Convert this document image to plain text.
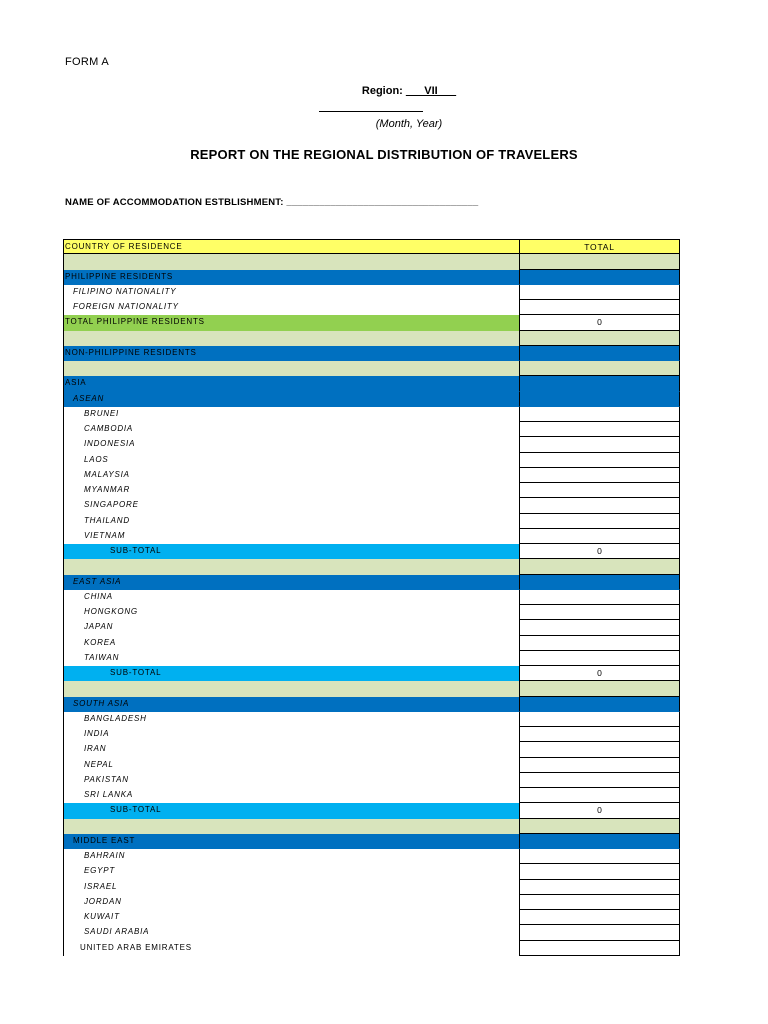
FORM A
Region: ___VII___
(Month, Year)
REPORT ON THE REGIONAL DISTRIBUTION OF TRAVELERS
NAME OF ACCOMMODATION ESTBLISHMENT: ___________________________________
COUNTRY OF RESIDENCE	TOTAL
PHILIPPINE RESIDENTS
FILIPINO NATIONALITY
FOREIGN NATIONALITY
TOTAL PHILIPPINE RESIDENTS	0
NON-PHILIPPINE RESIDENTS
ASIA
ASEAN
BRUNEI
CAMBODIA
INDONESIA
LAOS
MALAYSIA
MYANMAR
SINGAPORE
THAILAND
VIETNAM
SUB-TOTAL	0
EAST ASIA
CHINA
HONGKONG
JAPAN
KOREA
TAIWAN
SUB-TOTAL	0
SOUTH ASIA
BANGLADESH
INDIA
IRAN
NEPAL
PAKISTAN
SRI LANKA
SUB-TOTAL	0
MIDDLE EAST
BAHRAIN
EGYPT
ISRAEL
JORDAN
KUWAIT
SAUDI ARABIA
UNITED ARAB EMIRATES
